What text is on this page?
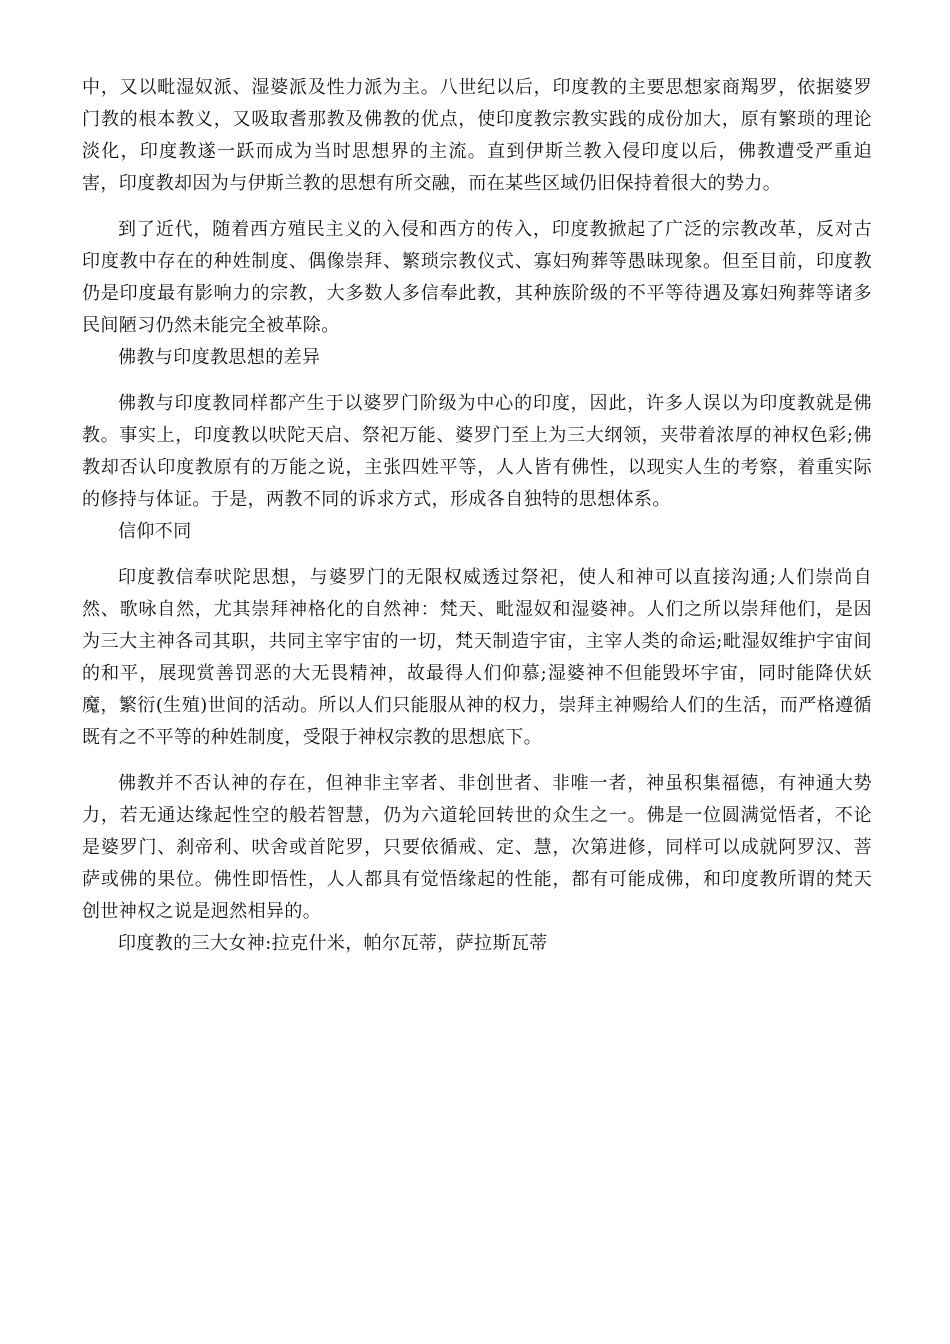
中，又以毗湿奴派、湿婆派及性力派为主。八世纪以后，印度教的主要思想家商羯罗，依据婆罗门教的根本教义，又吸取耆那教及佛教的优点，使印度教宗教实践的成份加大，原有繁琐的理论淡化，印度教遂一跃而成为当时思想界的主流。直到伊斯兰教入侵印度以后，佛教遭受严重迫害，印度教却因为与伊斯兰教的思想有所交融，而在某些区域仍旧保持着很大的势力。

到了近代，随着西方殖民主义的入侵和西方的传入，印度教掀起了广泛的宗教改革，反对古印度教中存在的种姓制度、偶像崇拜、繁琐宗教仪式、寡妇殉葬等愚昧现象。但至目前，印度教仍是印度最有影响力的宗教，大多数人多信奉此教，其种族阶级的不平等待遇及寡妇殉葬等诸多民间陋习仍然未能完全被革除。

佛教与印度教思想的差异

佛教与印度教同样都产生于以婆罗门阶级为中心的印度，因此，许多人误以为印度教就是佛教。事实上，印度教以吠陀天启、祭祀万能、婆罗门至上为三大纲领，夹带着浓厚的神权色彩;佛教却否认印度教原有的万能之说，主张四姓平等，人人皆有佛性，以现实人生的考察，着重实际的修持与体证。于是，两教不同的诉求方式，形成各自独特的思想体系。

信仰不同

印度教信奉吠陀思想，与婆罗门的无限权威透过祭祀，使人和神可以直接沟通;人们崇尚自然、歌咏自然，尤其崇拜神格化的自然神：梵天、毗湿奴和湿婆神。人们之所以崇拜他们，是因为三大主神各司其职，共同主宰宇宙的一切，梵天制造宇宙，主宰人类的命运;毗湿奴维护宇宙间的和平，展现赏善罚恶的大无畏精神，故最得人们仰慕;湿婆神不但能毁坏宇宙，同时能降伏妖魔，繁衍(生殖)世间的活动。所以人们只能服从神的权力，崇拜主神赐给人们的生活，而严格遵循既有之不平等的种姓制度，受限于神权宗教的思想底下。

佛教并不否认神的存在，但神非主宰者、非创世者、非唯一者，神虽积集福德，有神通大势力，若无通达缘起性空的般若智慧，仍为六道轮回转世的众生之一。佛是一位圆满觉悟者，不论是婆罗门、刹帝利、吠舍或首陀罗，只要依循戒、定、慧，次第进修，同样可以成就阿罗汉、菩萨或佛的果位。佛性即悟性，人人都具有觉悟缘起的性能，都有可能成佛，和印度教所谓的梵天创世神权之说是迥然相异的。

印度教的三大女神:拉克什米，帕尔瓦蒂，萨拉斯瓦蒂
